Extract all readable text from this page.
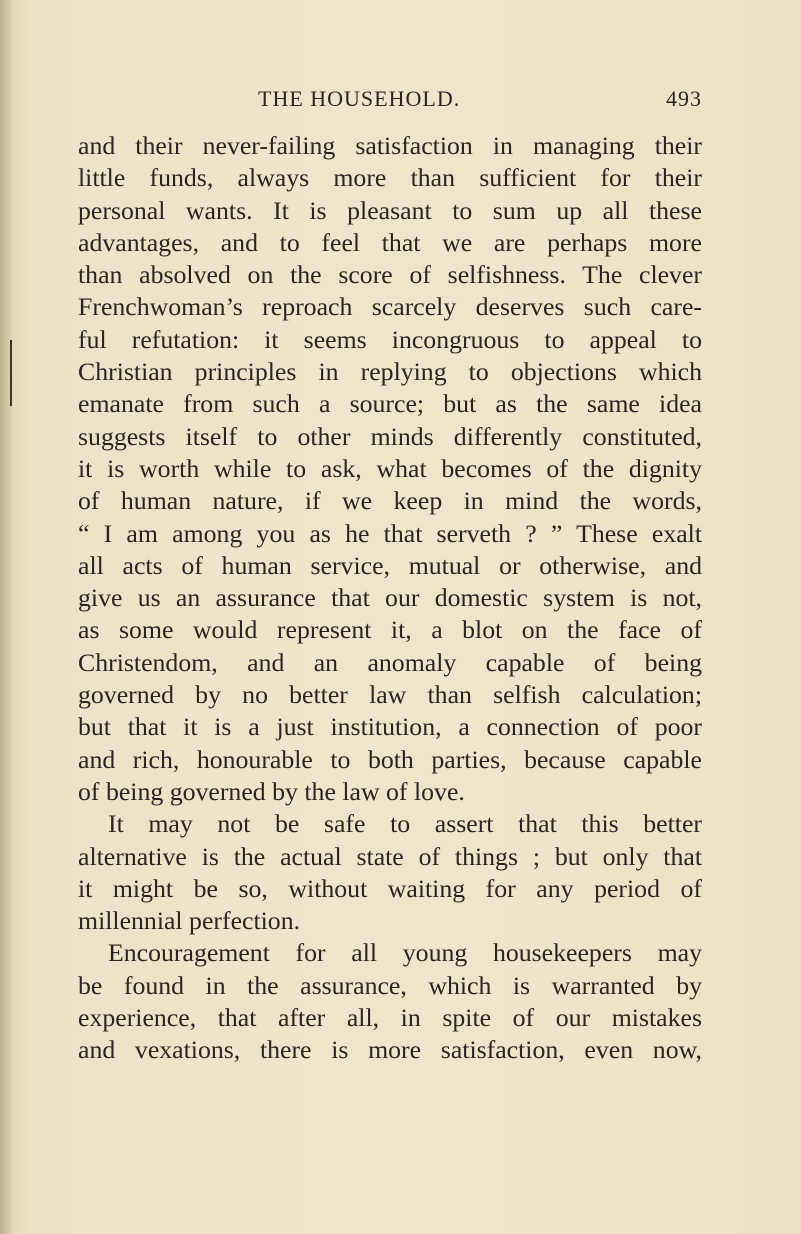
THE HOUSEHOLD.	493
and their never-failing satisfaction in managing their
little funds, always more than sufficient for their
personal wants. It is pleasant to sum up all these
advantages, and to feel that we are perhaps more
than absolved on the score of selfishness. The clever
Frenchwoman’s reproach scarcely deserves such care-
ful refutation: it seems incongruous to appeal to
Christian principles in replying to objections which
emanate from such a source; but as the same idea
suggests itself to other minds differently constituted,
it is worth while to ask, what becomes of the dignity
of human nature, if we keep in mind the words,
“ I am among you as he that serveth ? ” These exalt
all acts of human service, mutual or otherwise, and
give us an assurance that our domestic system is not,
as some would represent it, a blot on the face of
Christendom, and an anomaly capable of being
governed by no better law than selfish calculation;
but that it is a just institution, a connection of poor
and rich, honourable to both parties, because capable
of being governed by the law of love.
It may not be safe to assert that this better
alternative is the actual state of things ; but only that
it might be so, without waiting for any period of
millennial perfection.
Encouragement for all young housekeepers may
be found in the assurance, which is warranted by
experience, that after all, in spite of our mistakes
and vexations, there is more satisfaction, even now,
